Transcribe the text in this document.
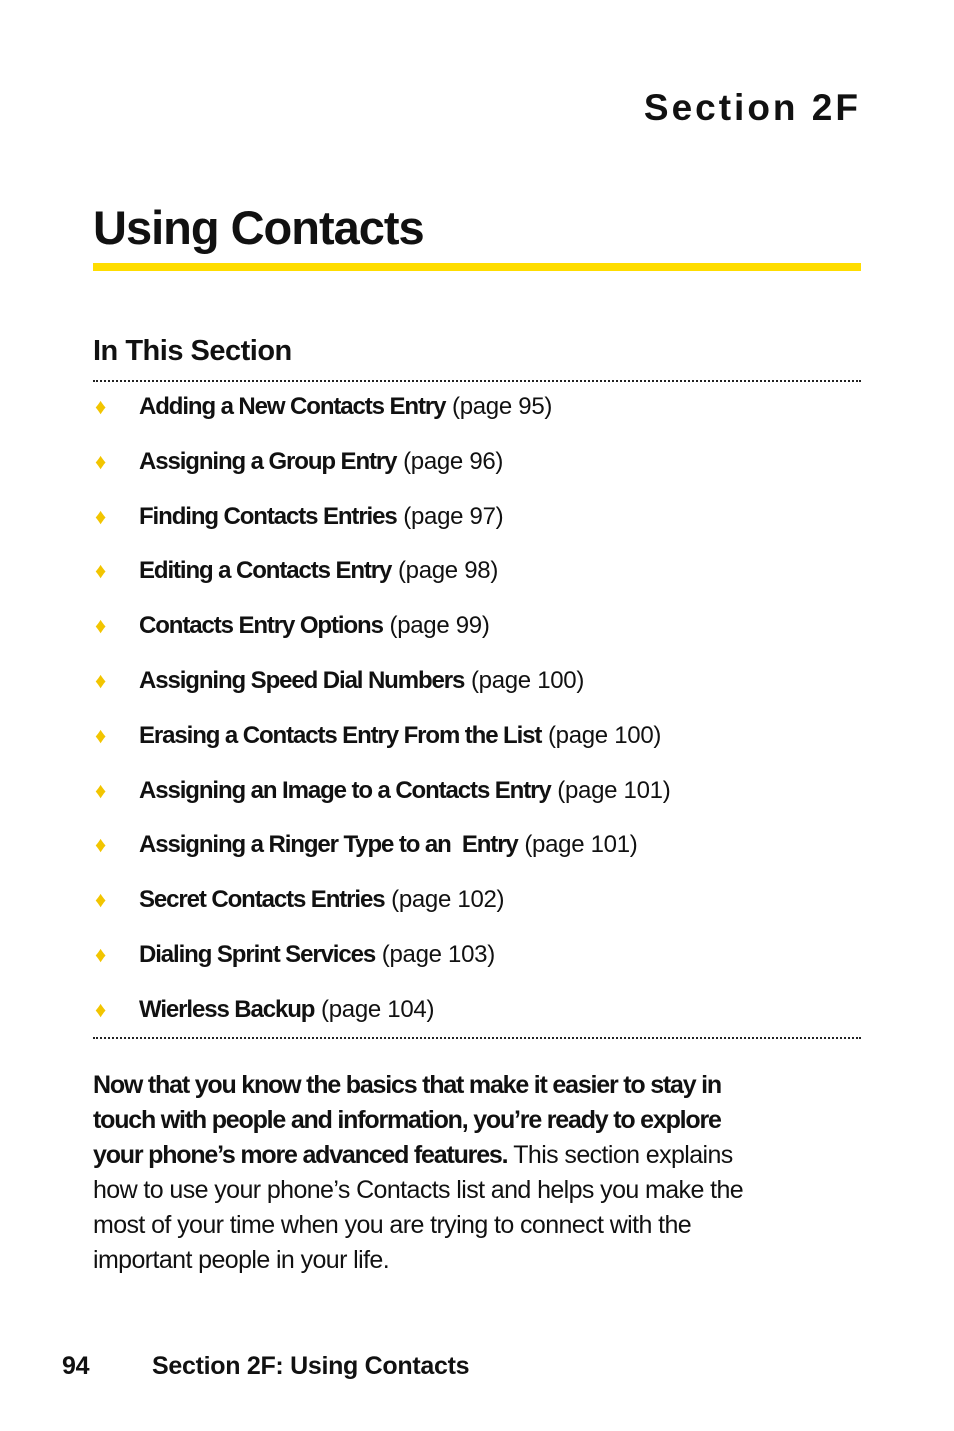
Section 2F
Using Contacts
In This Section
♦ Adding a New Contacts Entry (page 95)
♦ Assigning a Group Entry (page 96)
♦ Finding Contacts Entries (page 97)
♦ Editing a Contacts Entry (page 98)
♦ Contacts Entry Options (page 99)
♦ Assigning Speed Dial Numbers (page 100)
♦ Erasing a Contacts Entry From the List (page 100)
♦ Assigning an Image to a Contacts Entry (page 101)
♦ Assigning a Ringer Type to an  Entry (page 101)
♦ Secret Contacts Entries (page 102)
♦ Dialing Sprint Services (page 103)
♦ Wierless Backup (page 104)

Now that you know the basics that make it easier to stay in
touch with people and information, you’re ready to explore
your phone’s more advanced features. This section explains
how to use your phone’s Contacts list and helps you make the
most of your time when you are trying to connect with the
important people in your life.

94	Section 2F: Using Contacts
